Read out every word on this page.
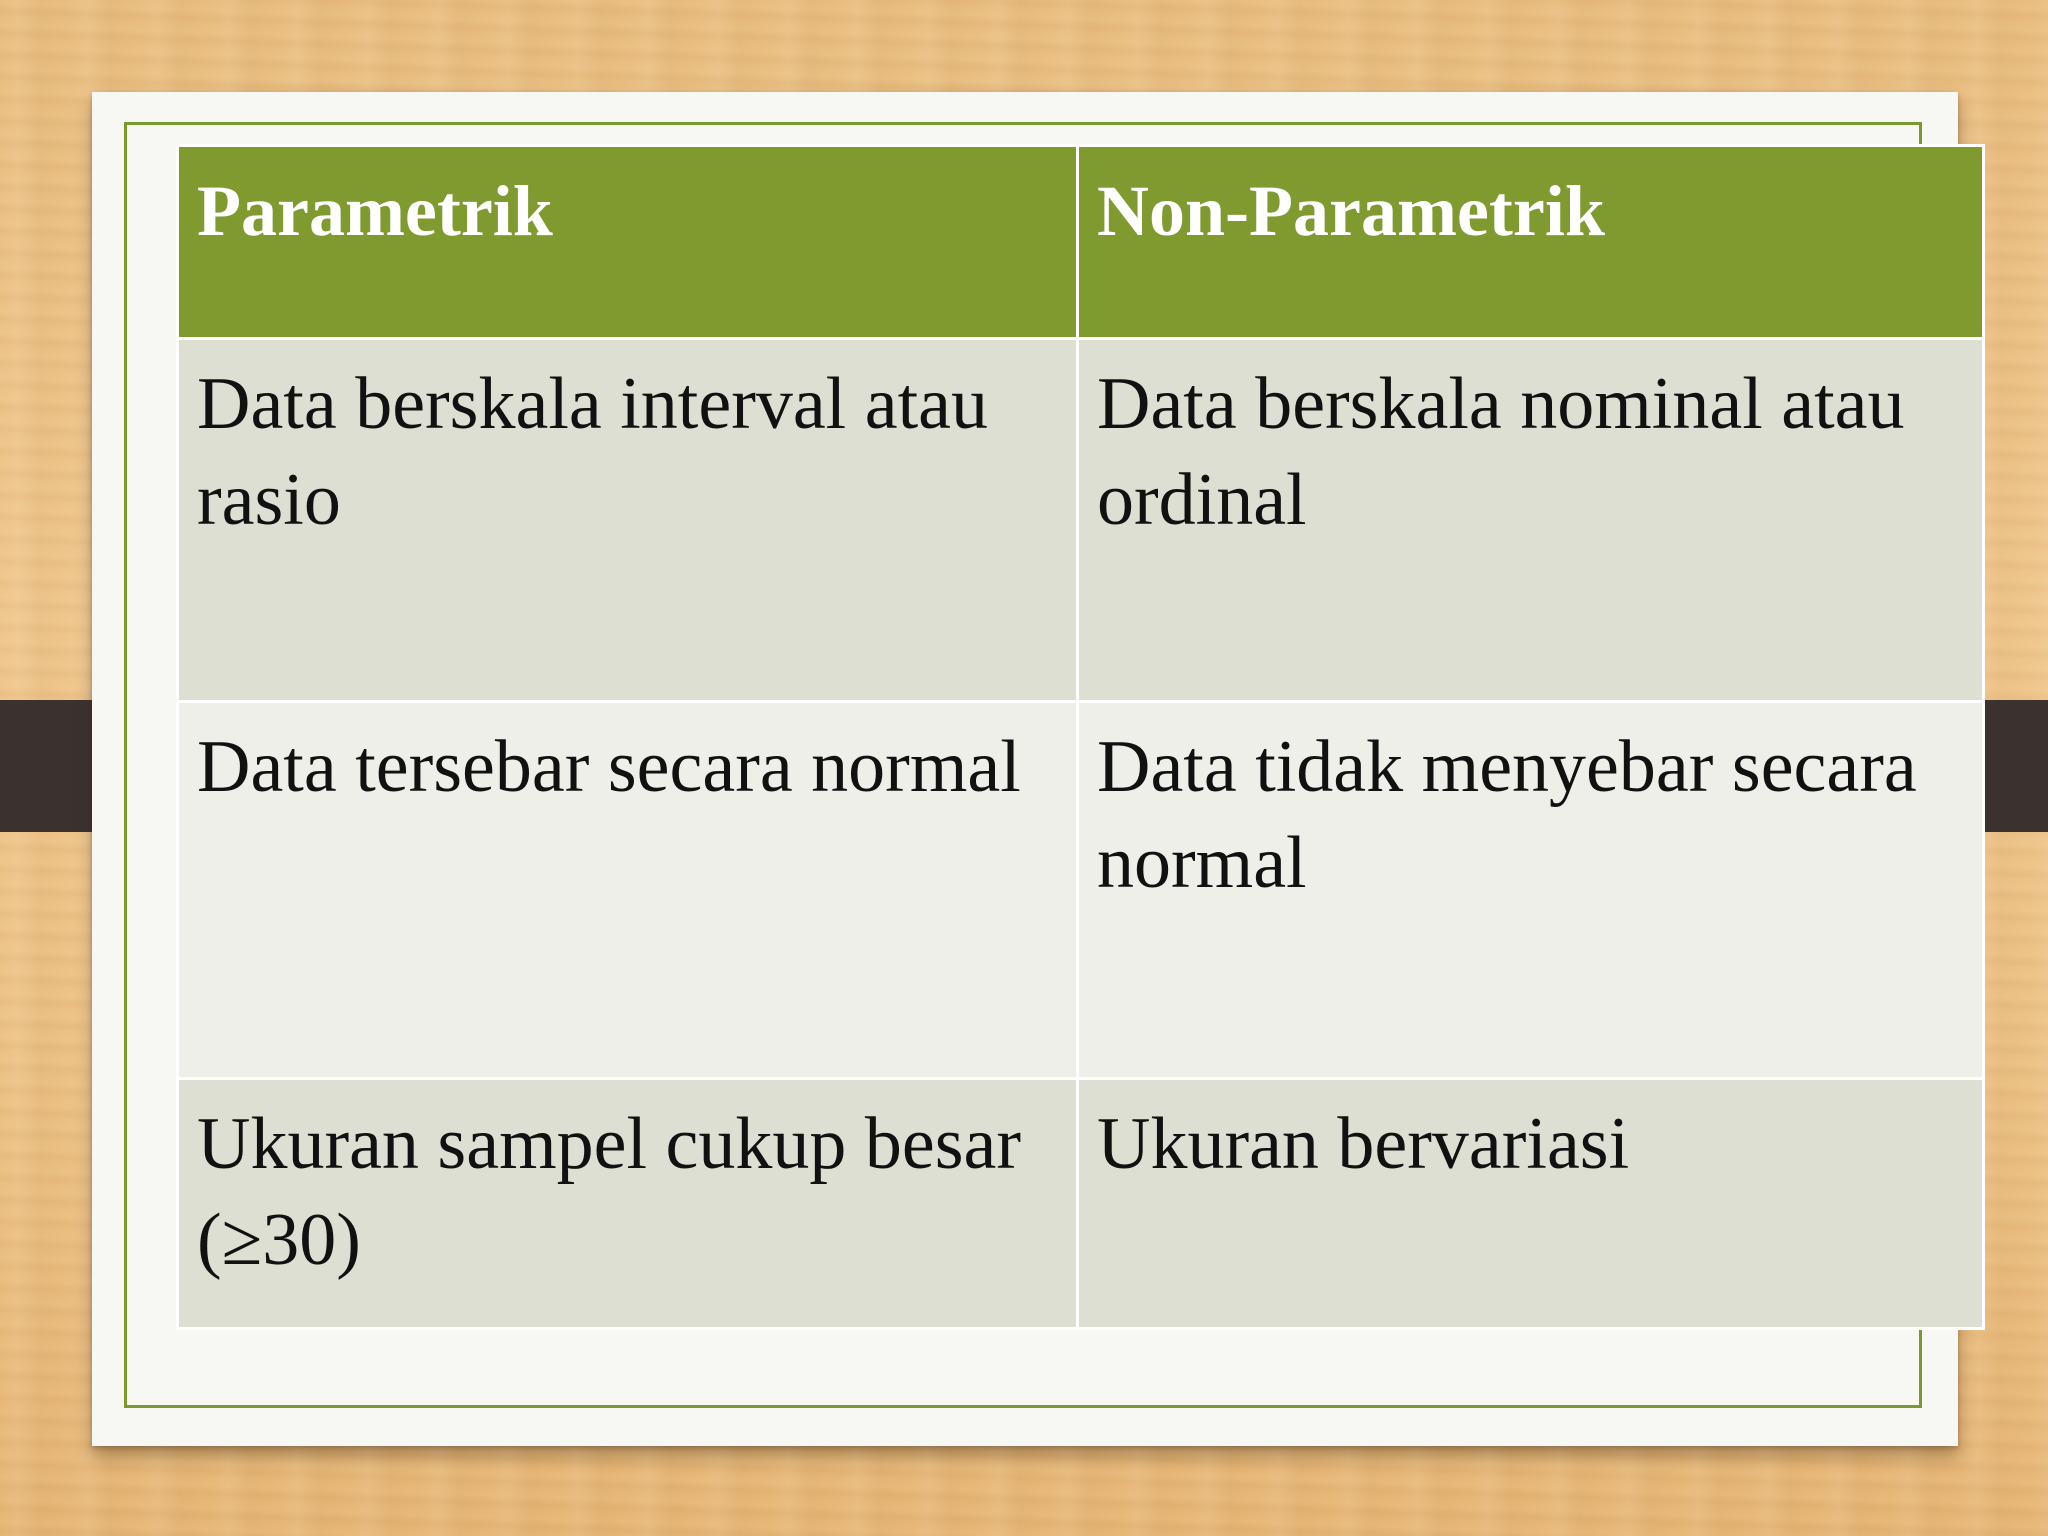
Parametrik	Non-Parametrik
Data berskala interval atau rasio	Data berskala nominal atau ordinal
Data tersebar secara normal	Data tidak menyebar secara normal
Ukuran sampel cukup besar (≥30)	Ukuran bervariasi
